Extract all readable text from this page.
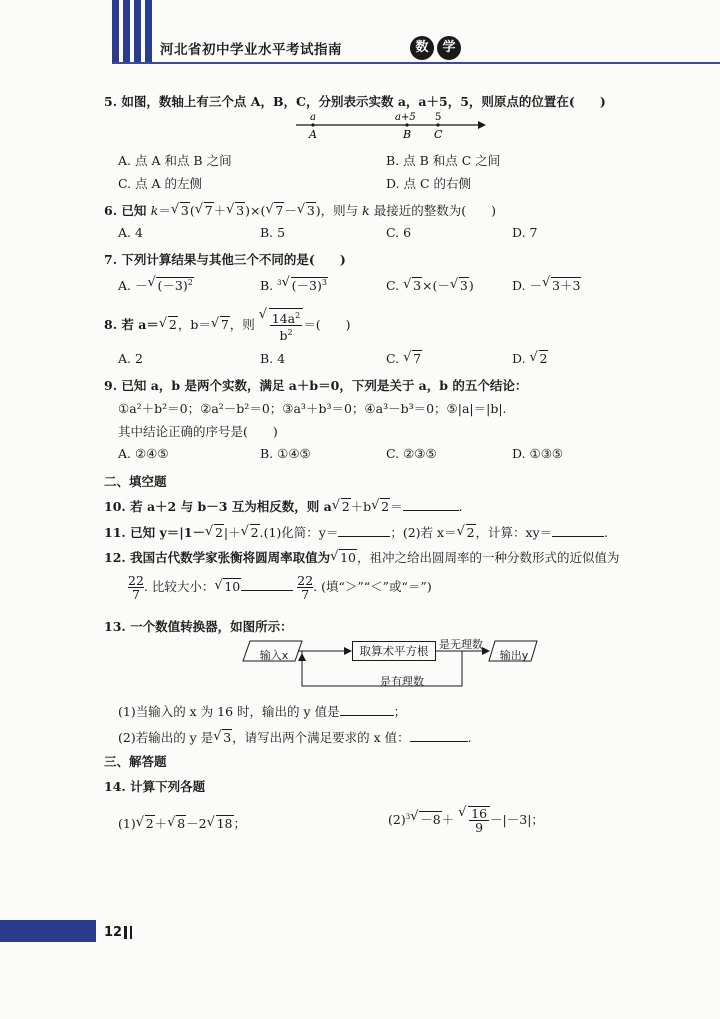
河北省初中学业水平考试指南	数	学
5. 如图，数轴上有三个点 A，B，C，分别表示实数 a，a＋5，5，则原点的位置在(　　)
a	a+5 5
A	B C
A. 点 A 和点 B 之间	B. 点 B 和点 C 之间
C. 点 A 的左侧	D. 点 C 的右侧
6. 已知 k＝√ 3(√ 7＋√ 3)×(√ 7－√ 3)，则与 k 最接近的整数为(　　)
A. 4	B. 5	C. 6	D. 7
7. 下列计算结果与其他三个不同的是(　　)
A. －√ $(-3)^2$	B. $^3$√ $(-3)^3$	C. √ 3×(－√ 3)	D. －√ 3＋3
8. 若 a＝√ 2，b＝√ 7，则
√ $\frac{14a^2}{b^2}$ ＝(　　)
A. 2	B. 4	C. √ 7	D. √ 2
9. 已知 a，b 是两个实数，满足 a＋b＝0，下列是关于 a，b 的五个结论：
①a²＋b²＝0；②a²－b²＝0；③a³＋b³＝0；④a³－b³＝0；⑤|a|＝|b|.
其中结论正确的序号是(　　)
A. ②④⑤	B. ①④⑤	C. ②③⑤	D. ①③⑤
二、填空题
10. 若 a＋2 与 b－3 互为相反数，则 a√ 2＋b√ 2＝	.
11. 已知 y＝|1－√ 2|＋√ 2.(1)化简：y＝	；(2)若 x＝√ 2，计算：xy＝	.
12. 我国古代数学家张衡将圆周率取值为√ 10，祖冲之给出圆周率的一种分数形式的近似值为
$\frac{22}{7}$ . 比较大小：√ 10	$\frac{22}{7}$ . (填“＞”“＜”或“＝”)
13. 一个数值转换器，如图所示：
取算术平方根
输入x	输出y
是无理数
是有理数
(1)当输入的 x 为 16 时，输出的 y 值是	；
(2)若输出的 y 是√ 3，请写出两个满足要求的 x 值：	.
三、解答题
14. 计算下列各题
(1)√ 2＋√ 8－2√ 18；	$(2)^3√ -8+$
√ $\frac{16}{9} -|-3|$；
12
